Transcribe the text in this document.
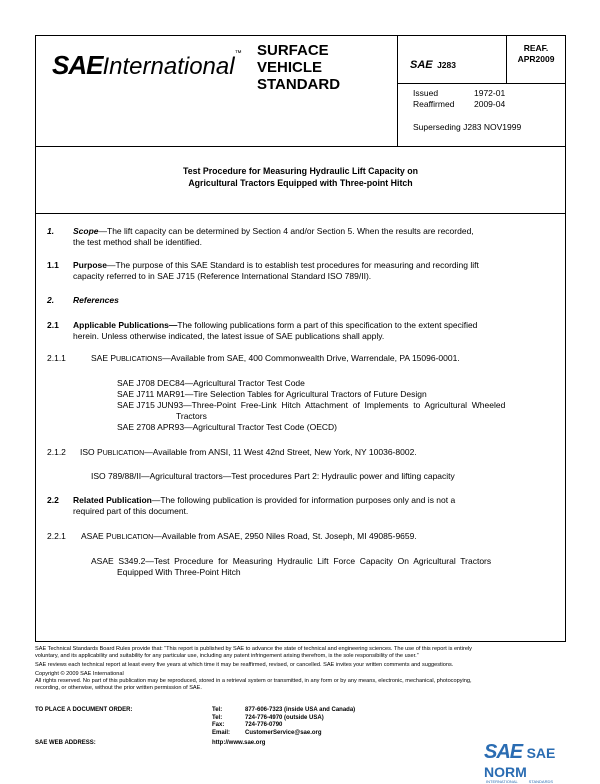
SAEInternational™ SURFACE
VEHICLE
STANDARD
SAE J283
REAF.
APR2009
Issued	1972-01
Reaffirmed 2009-04
Superseding J283 NOV1999
Test Procedure for Measuring Hydraulic Lift Capacity on
Agricultural Tractors Equipped with Three-point Hitch
1. Scope—The lift capacity can be determined by Section 4 and/or Section 5. When the results are recorded,
the test method shall be identified.
1.1 Purpose—The purpose of this SAE Standard is to establish test procedures for measuring and recording lift
capacity referred to in SAE J715 (Reference International Standard ISO 789/II).
2. References
2.1 Applicable Publications—The following publications form a part of this specification to the extent specified
herein. Unless otherwise indicated, the latest issue of SAE publications shall apply.
2.1.1	SAE PUBLICATIONS—Available from SAE, 400 Commonwealth Drive, Warrendale, PA 15096-0001.
SAE J708 DEC84—Agricultural Tractor Test Code
SAE J711 MAR91—Tire Selection Tables for Agricultural Tractors of Future Design
SAE J715 JUN93—Three-Point  Free-Link  Hitch  Attachment  of  Implements  to  Agricultural  Wheeled
Tractors
SAE 2708 APR93—Agricultural Tractor Test Code (OECD)
2.1.2 ISO PUBLICATION—Available from ANSI, 11 West 42nd Street, New York, NY 10036-8002.
ISO 789/88/II—Agricultural tractors—Test procedures Part 2: Hydraulic power and lifting capacity
2.2 Related Publication—The following publication is provided for information purposes only and is not a
required part of this document.
2.2.1 ASAE PUBLICATION—Available from ASAE, 2950 Niles Road, St. Joseph, MI 49085-9659.
ASAE  S349.2—Test  Procedure  for  Measuring  Hydraulic  Lift  Force  Capacity  On  Agricultural  Tractors
Equipped With Three-Point Hitch
SAE Technical Standards Board Rules provide that: “This report is published by SAE to advance the state of technical and engineering sciences. The use of this report is entirely
voluntary, and its applicability and suitability for any particular use, including any patent infringement arising therefrom, is the sole responsibility of the user.”
SAE reviews each technical report at least every five years at which time it may be reaffirmed, revised, or cancelled. SAE invites your written comments and suggestions.
Copyright © 2009 SAE International
All rights reserved. No part of this publication may be reproduced, stored in a retrieval system or transmitted, in any form or by any means, electronic, mechanical, photocopying,
recording, or otherwise, without the prior written permission of SAE.
TO PLACE A DOCUMENT ORDER:	Tel:	877-606-7323 (inside USA and Canada)
Tel:	724-776-4970 (outside USA)
Fax:	724-776-0790
Email: CustomerService@sae.org
SAE WEB ADDRESS:	http://www.sae.org	SAE SAE NORM
INTERNATIONAL          STANDARDS
